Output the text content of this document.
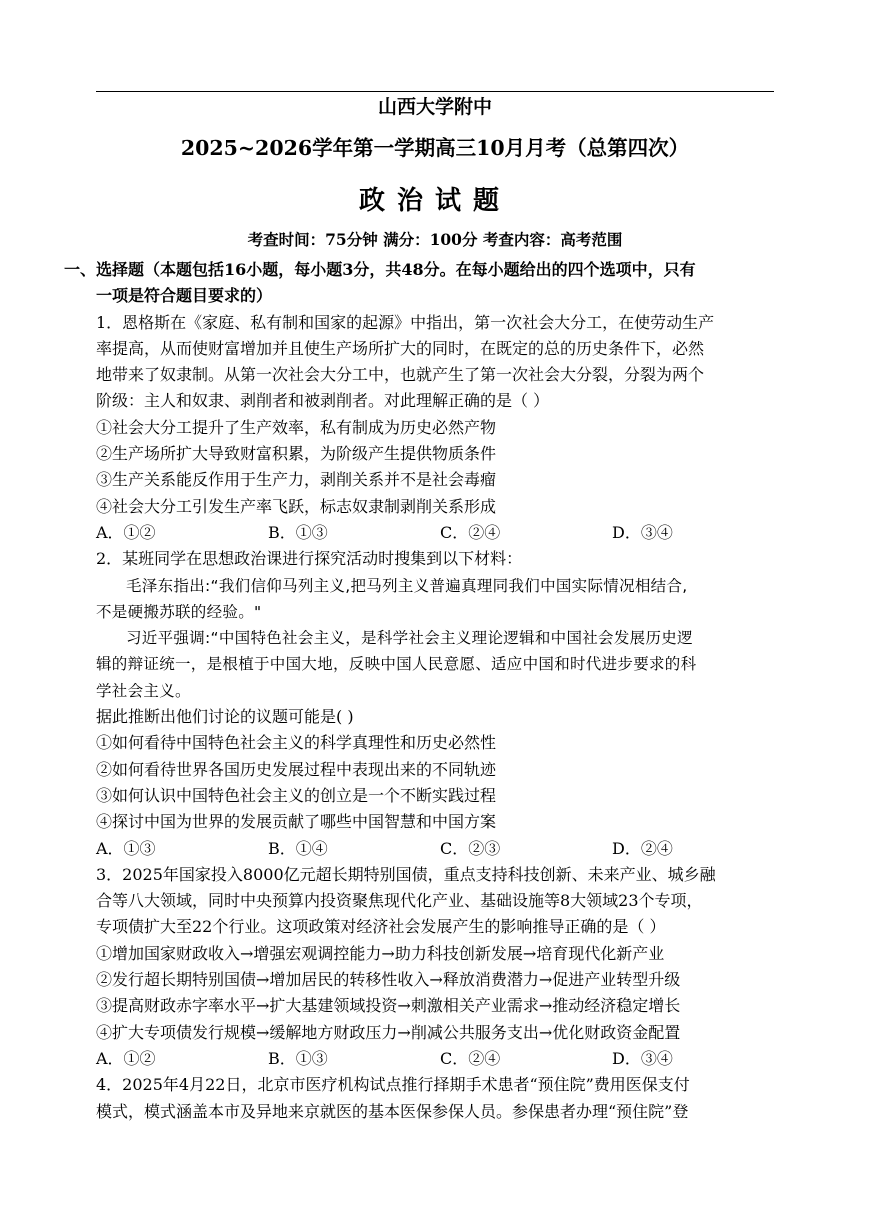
山西大学附中
2025~2026学年第一学期高三10月月考（总第四次）
政治试题
考查时间：75分钟 满分：100分 考查内容：高考范围
一、选择题（本题包括16小题，每小题3分，共48分。在每小题给出的四个选项中，只有
一项是符合题目要求的）
1．恩格斯在《家庭、私有制和国家的起源》中指出，第一次社会大分工，在使劳动生产
率提高，从而使财富增加并且使生产场所扩大的同时，在既定的总的历史条件下，必然
地带来了奴隶制。从第一次社会大分工中，也就产生了第一次社会大分裂，分裂为两个
阶级：主人和奴隶、剥削者和被剥削者。对此理解正确的是（ ）
①社会大分工提升了生产效率，私有制成为历史必然产物
②生产场所扩大导致财富积累，为阶级产生提供物质条件
③生产关系能反作用于生产力，剥削关系并不是社会毒瘤
④社会大分工引发生产率飞跃，标志奴隶制剥削关系形成
A．①②	B．①③	C．②④	D．③④
2．某班同学在思想政治课进行探究活动时搜集到以下材料：
毛泽东指出:“我们信仰马列主义,把马列主义普遍真理同我们中国实际情况相结合,
不是硬搬苏联的经验。"
习近平强调:“中国特色社会主义，是科学社会主义理论逻辑和中国社会发展历史逻
辑的辩证统一，是根植于中国大地，反映中国人民意愿、适应中国和时代进步要求的科
学社会主义。
据此推断出他们讨论的议题可能是( )
①如何看待中国特色社会主义的科学真理性和历史必然性
②如何看待世界各国历史发展过程中表现出来的不同轨迹
③如何认识中国特色社会主义的创立是一个不断实践过程
④探讨中国为世界的发展贡献了哪些中国智慧和中国方案
A．①③	B．①④	C．②③	D．②④
3．2025年国家投入8000亿元超长期特别国债，重点支持科技创新、未来产业、城乡融
合等八大领域，同时中央预算内投资聚焦现代化产业、基础设施等8大领域23个专项，
专项债扩大至22个行业。这项政策对经济社会发展产生的影响推导正确的是（ ）
①增加国家财政收入→增强宏观调控能力→助力科技创新发展→培育现代化新产业
②发行超长期特别国债→增加居民的转移性收入→释放消费潜力→促进产业转型升级
③提高财政赤字率水平→扩大基建领域投资→刺激相关产业需求→推动经济稳定增长
④扩大专项债发行规模→缓解地方财政压力→削减公共服务支出→优化财政资金配置
A．①②	B．①③	C．②④	D．③④
4．2025年4月22日，北京市医疗机构试点推行择期手术患者“预住院”费用医保支付
模式，模式涵盖本市及异地来京就医的基本医保参保人员。参保患者办理“预住院”登
